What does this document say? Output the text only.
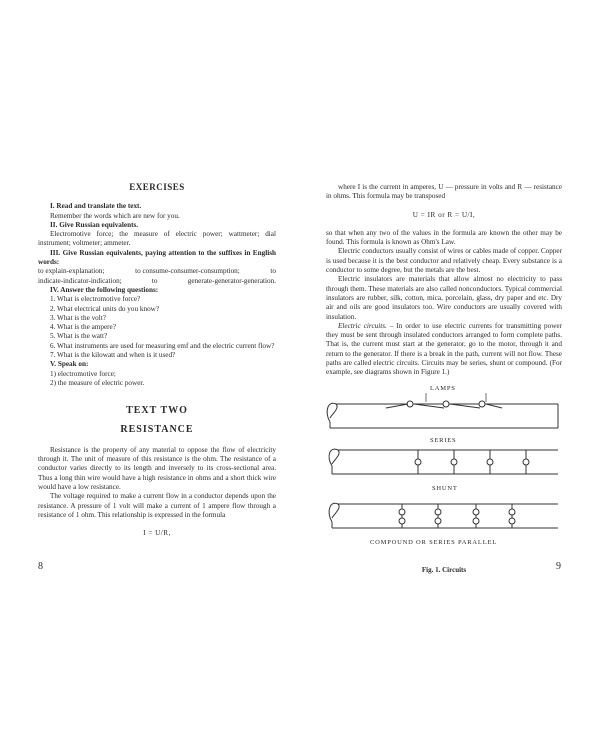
EXERCISES

I. Read and translate the text.

Remember the words which are new for you.

II. Give Russian equivalents.

Electromotive force; the measure of electric power; wattmeter; dial instrument; voltmeter; ammeter.

III. Give Russian equivalents, paying attention to the suffixes in English words:

to explain-explanation;	to consume-consumer-consumption;	to
indicate-indicator-indication;	to	generate-generator-generation.

IV. Answer the following questions:

1. What is electromotive force?

2. What electrical units do you know?

3. What is the volt?

4. What is the ampere?

5. What is the watt?

6. What instruments are used for measuring emf and the electric current flow?

7. What is the kilowatt and when is it used?

V. Speak on:

1) electromotive force;

2) the measure of electric power.

TEXT TWO
RESISTANCE

Resistance is the property of any material to oppose the flow of electricity through it. The unit of measure of this resistance is the ohm. The resistance of a conductor varies directly to its length and inversely to its cross-sectional area. Thus a long thin wire would have a high resistance in ohms and a short thick wire would have a low resistance.

The voltage required to make a current flow in a conductor depends upon the resistance. A pressure of 1 volt will make a current of 1 ampere flow through a resistance of 1 ohm. This relationship is expressed in the formula

I = U/R,
8

where I is the current in amperes, U — pressure in volts and R — resistance in ohms. This formula may be transposed

U = IR or R = U/I,

so that when any two of the values in the formula are known the other may be found. This formula is known as Ohm's Law.

Electric conductors usually consist of wires or cables made of copper. Copper is used because it is the best conductor and relatively cheap. Every substance is a conductor to some degree, but the metals are the best.

Electric insulators are materials that allow almost no electricity to pass through them. These materials are also called nonconductors. Typical commercial insulators are rubber, silk, cotton, mica, porcelain, glass, dry paper and etc. Dry air and oils are good insulators too. Wire conductors are usually covered with insulation.

Electric circuits. – In order to use electric currents for transmitting power they must be sent through insulated conductors arranged to form complete paths. That is, the current must start at the generator, go to the motor, through it and return to the generator. If there is a break in the path, current will not flow. These paths are called electric circuits. Circuits may be series, shunt or compound. (For example, see diagrams shown in Figure 1.)

LAMPS
SERIES
SHUNT
COMPOUND OR SERIES PARALLEL
Fig. 1. Circuits	9
